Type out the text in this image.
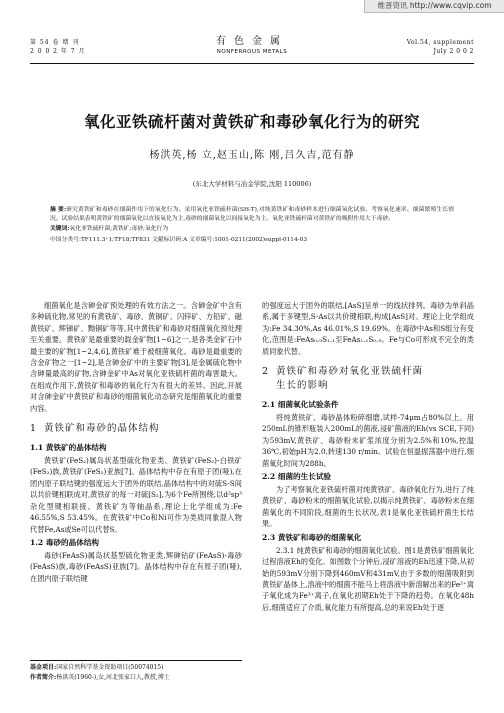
维普资讯 http://www.cqvip.com
第 54 卷 增 刊
2 0 0 2 年 7 月
有色金属
NONFERROUS METALS
Vol.54, supplement
July 2 0 0 2
氧化亚铁硫杆菌对黄铁矿和毒砂氧化行为的研究
杨洪英,杨 立,赵玉山,陈 刚,吕久吉,范有静
(东北大学材料与冶金学院,沈阳 110006)

摘 要:研究黄铁矿和毒砂在细菌作用下的氧化行为。采用氧化亚铁硫杆菌(SH-T),对纯黄铁矿和毒砂样本进行细菌氧化试验。考察氧化速率、细菌繁殖生长情况。试验结果表明黄铁矿的细菌氧化以直接氧化为主,毒砂的细菌氧化以间接氧化为主。氧化亚铁硫杆菌对黄铁矿的吸附作用大于毒砂。

关键词:氧化亚铁硫杆菌;黄铁矿;毒砂;氧化行为

中国分类号:TF111.3⁺1;TF18;TF831 文献标识码:A 文章编号:1001-0211(2002)suppl-0114-03

细菌氧化是含砷金矿预处理的有效方法之一。含砷金矿中含有多种硫化物,常见的有黄铁矿、毒砂、黄铜矿、闪锌矿、方铅矿、磁黄铁矿、辉锑矿、黝铜矿等等,其中黄铁矿和毒砂对细菌氧化预处理至关重要。黄铁矿是最重要的载金矿物[1~6]之一,是各类金矿石中最主要的矿物[1~2,4,6],黄铁矿难于被细菌氧化。毒砂是最重要的含金矿物之一[1~2],是含砷金矿中的主要矿物[3],是金属硫化物中含砷量最高的矿物,含砷金矿中As对氧化亚铁硫杆菌的毒害最大。在组成作用下,黄铁矿和毒砂的氧化行为有很大的差异。因此,开展对含砷金矿中黄铁矿和毒砂的细菌氧化动态研究是细菌氧化的重要内容。

1 黄铁矿和毒砂的晶体结构
1.1 黄铁矿的晶体结构

黄铁矿(FeS₂)属岛状基型硫化物亚类、黄铁矿(FeS₂)-白铁矿(FeS₂)族,黄铁矿(FeS₂)亚族[7]。晶体结构中存在有原子团(哑),在团内原子联结键的强度远大于团外的联结,晶体结构中的对硫S-S间以共价键相联成对,黄铁矿的每一对硫[S₂],为6个Fe所围绕,以d²sp³杂化型键相联接。黄铁矿为等轴晶系,理论上化学组成为:Fe 46.55%,S 53.45%。在黄铁矿中Co和Ni可作为类质同象混入物代替Fe,As或Se可以代替S。

1.2 毒砂的晶体结构

毒砂(FeAsS)属岛状基型硫化物亚类,辉砷钴矿(FeAsS)-毒砂(FeAsS)族,毒砂(FeAsS)亚族[7]。晶体结构中存在有原子团(哑),在团内原子联结键

基金项目:国家自然科学基金资助项目(50074015)
作者简介:杨洪英(1960-),女,河北张家口人,教授,博士

的强度远大于团外的联结,[AsS]呈单一的线状排列。毒砂为单斜晶系,属于多键型,S-As以共价键相联,构成[AsS]对。理论上化学组成为:Fe 34.30%,As 46.01%,S 19.69%。在毒砂中As和S组分有变化,范围是:FeAs₀.₉S₁.₁至FeAs₁.₁S₀.₉。Fe与Co可形成不完全的类质同象代替。

2 黄铁矿和毒砂对氧化亚铁硫杆菌
生长的影响
2.1 细菌氧化试验条件

将纯黄铁矿、毒砂晶体粉碎细磨,试样-74μm占80%以上。用250mL的锥形瓶装入200mL的菌液,浸矿菌液的Eh(vs SCE,下同)为593mV,黄铁矿、毒砂粉末矿浆浓度分别为2.5%和10%,控温36℃,初始pH为2.0,转速130 r/min。试验在恒温振荡器中进行,细菌氧化时间为288h。

2.2 细菌的生长试验

为了考察氧化亚铁硫杆菌对纯黄铁矿、毒砂氧化行为,进行了纯黄铁矿、毒砂粉末的细菌氧化试验,以揭示纯黄铁矿、毒砂粉末在细菌氧化的不同阶段,细菌的生长状况,表1是氧化亚铁硫杆菌生长结果。

2.3 黄铁矿和毒砂的细菌氧化

2.3.1 纯黄铁矿和毒砂的细菌氧化试验。图1是黄铁矿细菌氧化过程溶液Eh的变化。如图数个分钟后,浸矿溶液的Eh迅速下降,从初始的593mV分别下降到460mV和431mV,由于多数的细菌吸附到黄铁矿晶体上,溶液中的细菌不能马上将溶液中新溶解出来的Fe²⁺离子氧化成为Fe³⁺离子,在氧化初期Eh处于下降的趋势。在氧化48h后,细菌适应了介质,氧化能力有所提高,总的来说Eh处于逐
